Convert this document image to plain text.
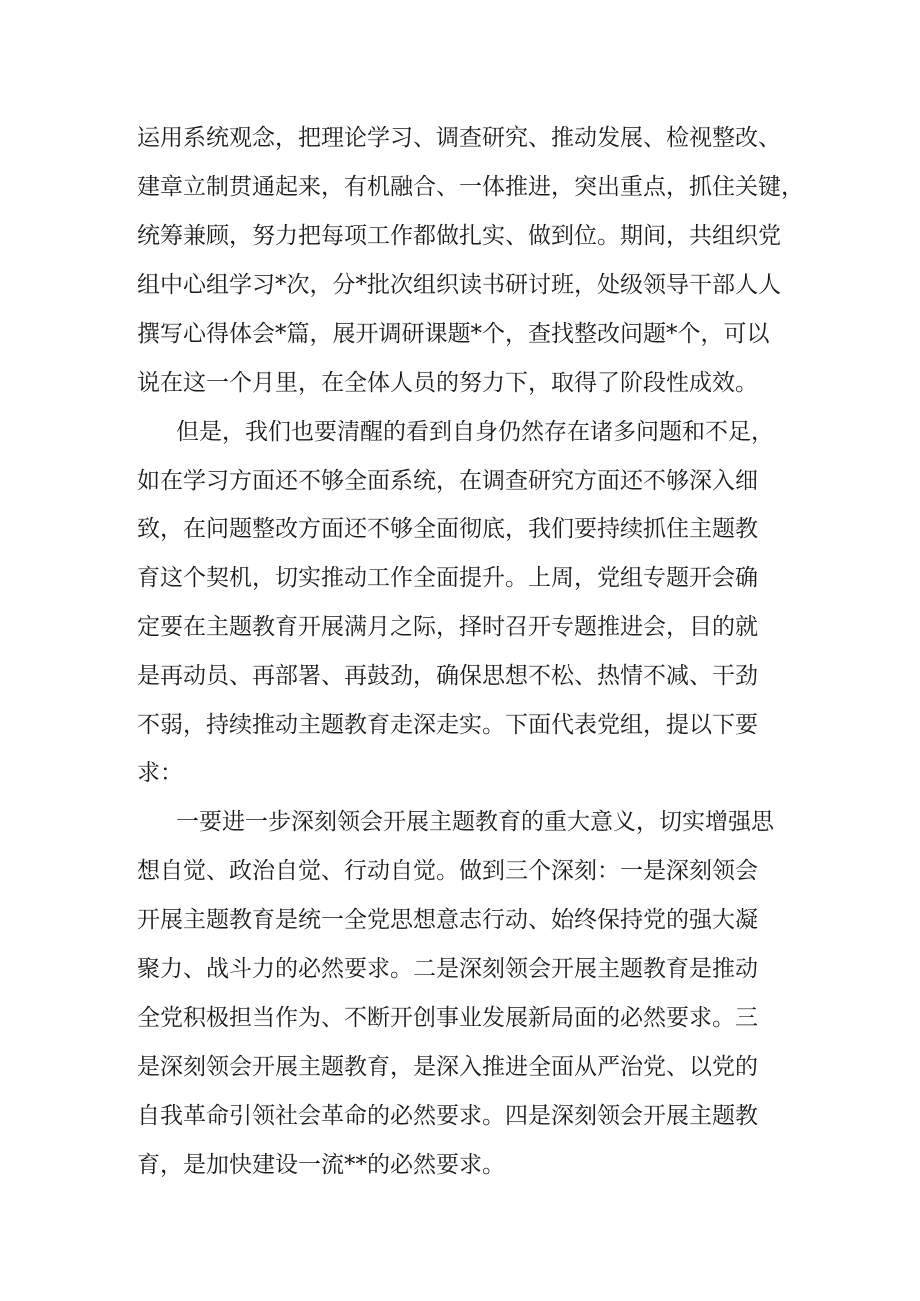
运用系统观念，把理论学习、调查研究、推动发展、检视整改、
建章立制贯通起来，有机融合、一体推进，突出重点，抓住关键，
统筹兼顾，努力把每项工作都做扎实、做到位。期间，共组织党
组中心组学习*次，分*批次组织读书研讨班，处级领导干部人人
撰写心得体会*篇，展开调研课题*个，查找整改问题*个，可以
说在这一个月里，在全体人员的努力下，取得了阶段性成效。
但是，我们也要清醒的看到自身仍然存在诸多问题和不足，
如在学习方面还不够全面系统，在调查研究方面还不够深入细
致，在问题整改方面还不够全面彻底，我们要持续抓住主题教
育这个契机，切实推动工作全面提升。上周，党组专题开会确
定要在主题教育开展满月之际，择时召开专题推进会，目的就
是再动员、再部署、再鼓劲，确保思想不松、热情不减、干劲
不弱，持续推动主题教育走深走实。下面代表党组，提以下要
求：
一要进一步深刻领会开展主题教育的重大意义，切实增强思
想自觉、政治自觉、行动自觉。做到三个深刻：一是深刻领会
开展主题教育是统一全党思想意志行动、始终保持党的强大凝
聚力、战斗力的必然要求。二是深刻领会开展主题教育是推动
全党积极担当作为、不断开创事业发展新局面的必然要求。三
是深刻领会开展主题教育，是深入推进全面从严治党、以党的
自我革命引领社会革命的必然要求。四是深刻领会开展主题教
育，是加快建设一流**的必然要求。
